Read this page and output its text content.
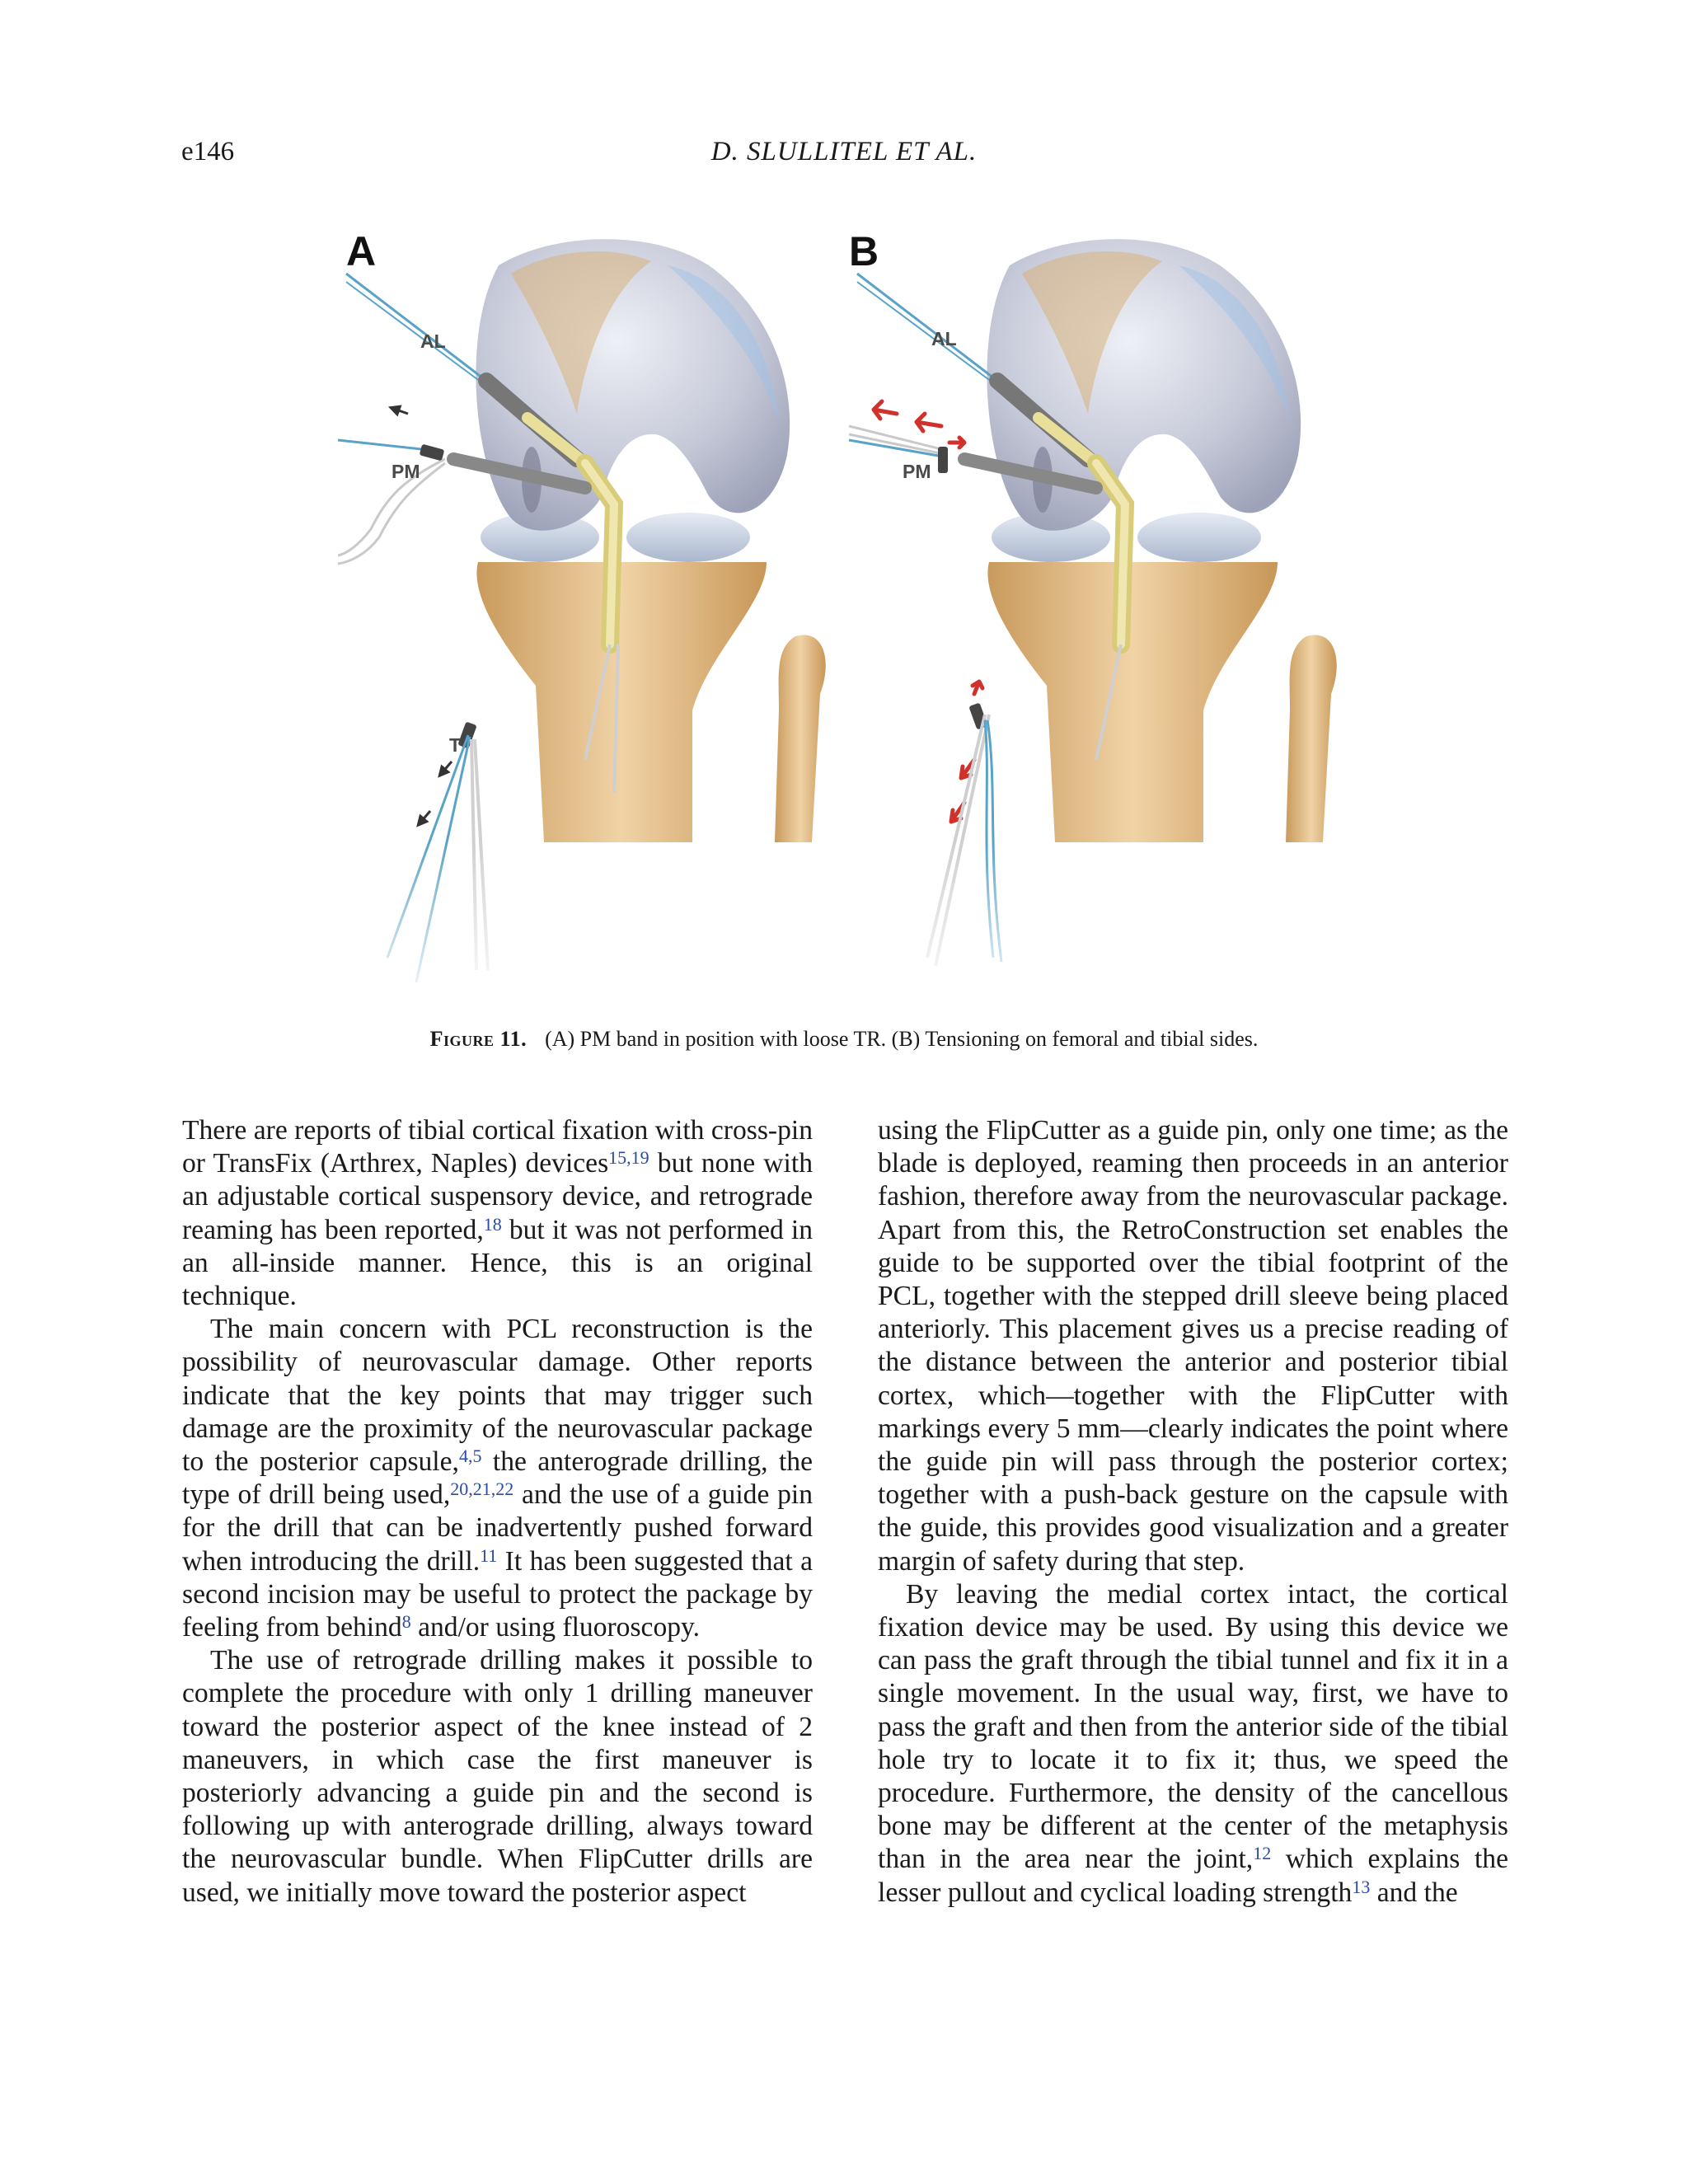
e146	D. SLULLITEL ET AL.
A
AL
PM
T
B
AL
PM
Figure 11. (A) PM band in position with loose TR. (B) Tensioning on femoral and tibial sides.

There are reports of tibial cortical fixation with cross-pin or TransFix (Arthrex, Naples) devices$^{15,19}$ but none with an adjustable cortical suspensory device, and retrograde reaming has been reported,$^{18}$ but it was not performed in an all-inside manner. Hence, this is an original technique.

The main concern with PCL reconstruction is the possibility of neurovascular damage. Other reports indicate that the key points that may trigger such damage are the proximity of the neurovascular package to the posterior capsule,$^{4,5}$ the anterograde drilling, the type of drill being used,$^{20,21,22}$ and the use of a guide pin for the drill that can be inadvertently pushed forward when introducing the drill.$^{11}$ It has been suggested that a second incision may be useful to protect the package by feeling from behind$^8$ and/or using fluoroscopy.

The use of retrograde drilling makes it possible to complete the procedure with only 1 drilling maneuver toward the posterior aspect of the knee instead of 2 maneuvers, in which case the first maneuver is posteriorly advancing a guide pin and the second is following up with anterograde drilling, always toward the neurovascular bundle. When FlipCutter drills are used, we initially move toward the posterior aspect

using the FlipCutter as a guide pin, only one time; as the blade is deployed, reaming then proceeds in an anterior fashion, therefore away from the neurovascular package. Apart from this, the RetroConstruction set enables the guide to be supported over the tibial footprint of the PCL, together with the stepped drill sleeve being placed anteriorly. This placement gives us a precise reading of the distance between the anterior and posterior tibial cortex, which—together with the FlipCutter with markings every 5 mm—clearly indicates the point where the guide pin will pass through the posterior cortex; together with a push-back gesture on the capsule with the guide, this provides good visualization and a greater margin of safety during that step.

By leaving the medial cortex intact, the cortical fixation device may be used. By using this device we can pass the graft through the tibial tunnel and fix it in a single movement. In the usual way, first, we have to pass the graft and then from the anterior side of the tibial hole try to locate it to fix it; thus, we speed the procedure. Furthermore, the density of the cancellous bone may be different at the center of the metaphysis than in the area near the joint,$^{12}$ which explains the lesser pullout and cyclical loading strength$^{13}$ and the
